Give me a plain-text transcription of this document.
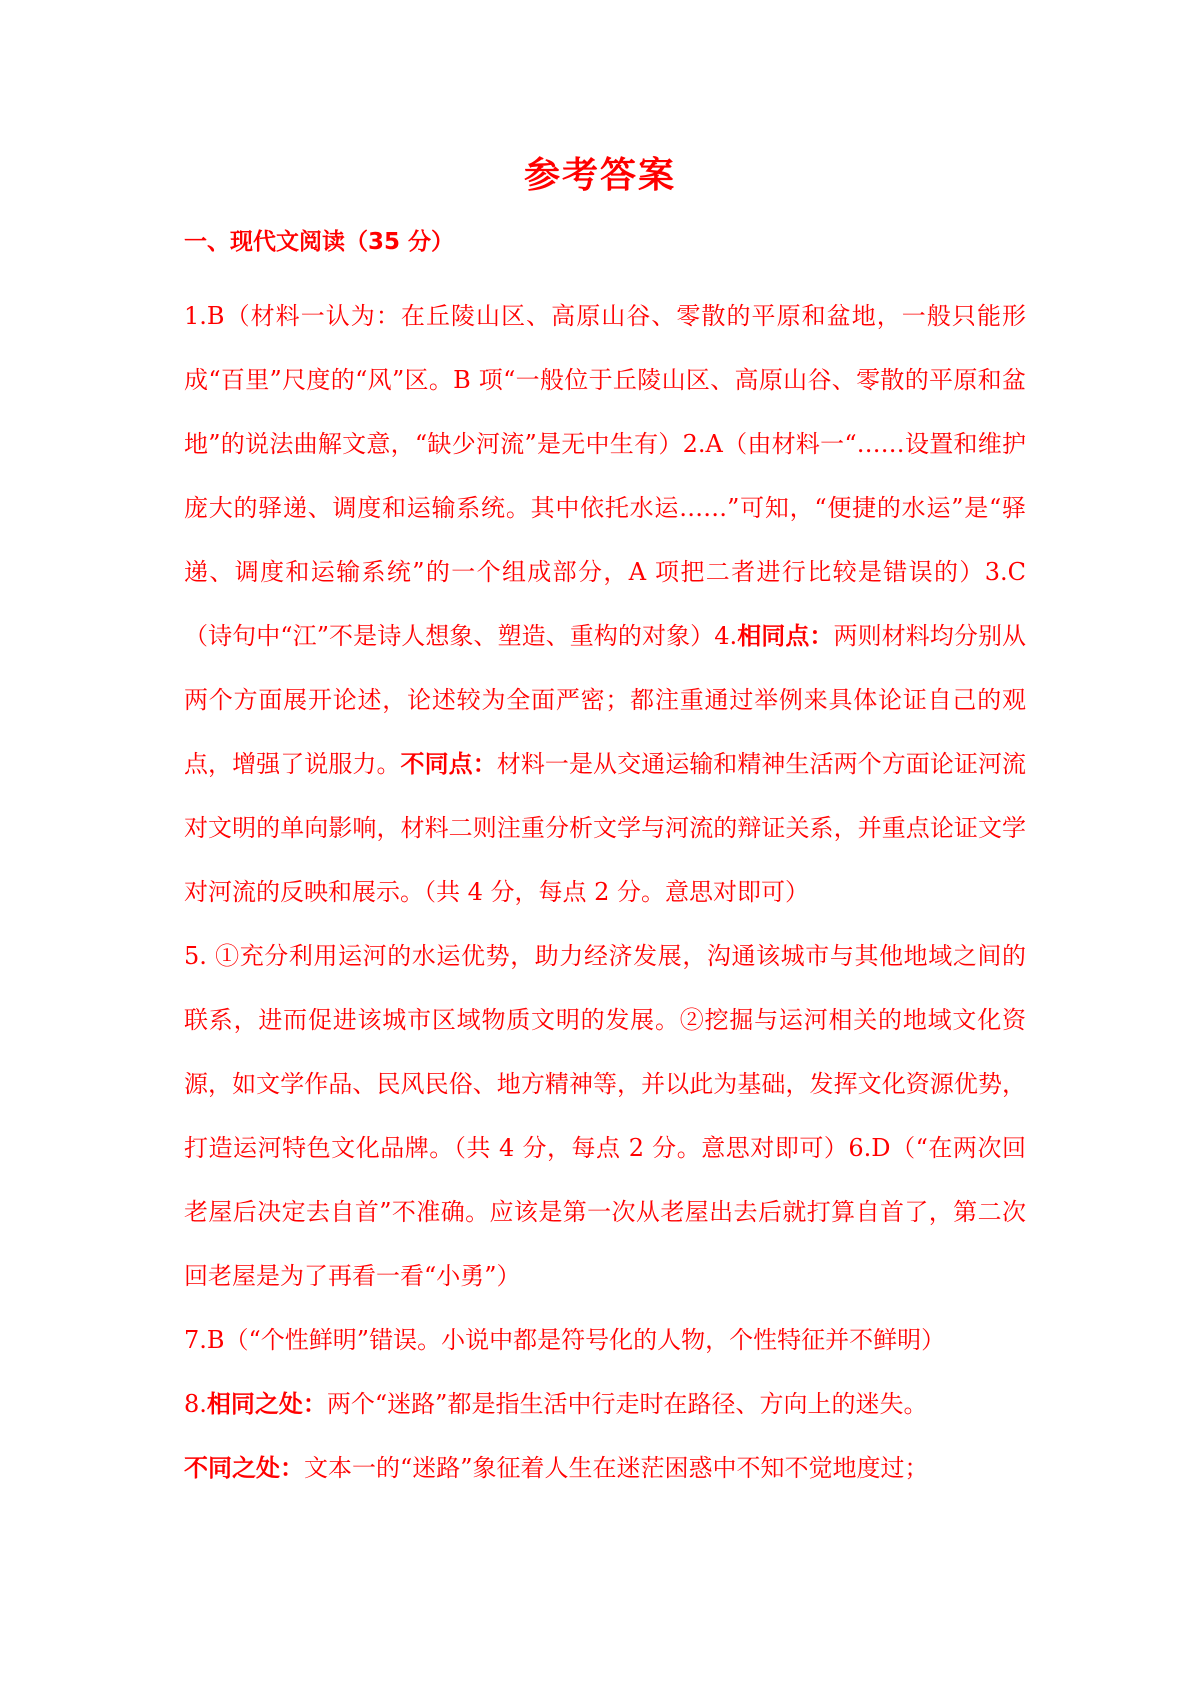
参考答案
一、现代文阅读（35 分）

1.B（材料一认为：在丘陵山区、高原山谷、零散的平原和盆地，一般只能形成“百里”尺度的“风”区。B 项“一般位于丘陵山区、高原山谷、零散的平原和盆地”的说法曲解文意，“缺少河流”是无中生有）2.A（由材料一“……设置和维护庞大的驿递、调度和运输系统。其中依托水运……”可知，“便捷的水运”是“驿递、调度和运输系统”的一个组成部分，A 项把二者进行比较是错误的）3.C（诗句中“江”不是诗人想象、塑造、重构的对象）4.相同点：两则材料均分别从两个方面展开论述，论述较为全面严密；都注重通过举例来具体论证自己的观点，增强了说服力。不同点：材料一是从交通运输和精神生活两个方面论证河流对文明的单向影响，材料二则注重分析文学与河流的辩证关系，并重点论证文学对河流的反映和展示。（共 4 分，每点 2 分。意思对即可）

5. ①充分利用运河的水运优势，助力经济发展，沟通该城市与其他地域之间的联系，进而促进该城市区域物质文明的发展。②挖掘与运河相关的地域文化资源，如文学作品、民风民俗、地方精神等，并以此为基础，发挥文化资源优势，打造运河特色文化品牌。（共 4 分，每点 2 分。意思对即可）6.D（“在两次回老屋后决定去自首”不准确。应该是第一次从老屋出去后就打算自首了，第二次回老屋是为了再看一看“小勇”）

7.B（“个性鲜明”错误。小说中都是符号化的人物，个性特征并不鲜明）

8.相同之处：两个“迷路”都是指生活中行走时在路径、方向上的迷失。

不同之处：文本一的“迷路”象征着人生在迷茫困惑中不知不觉地度过；
